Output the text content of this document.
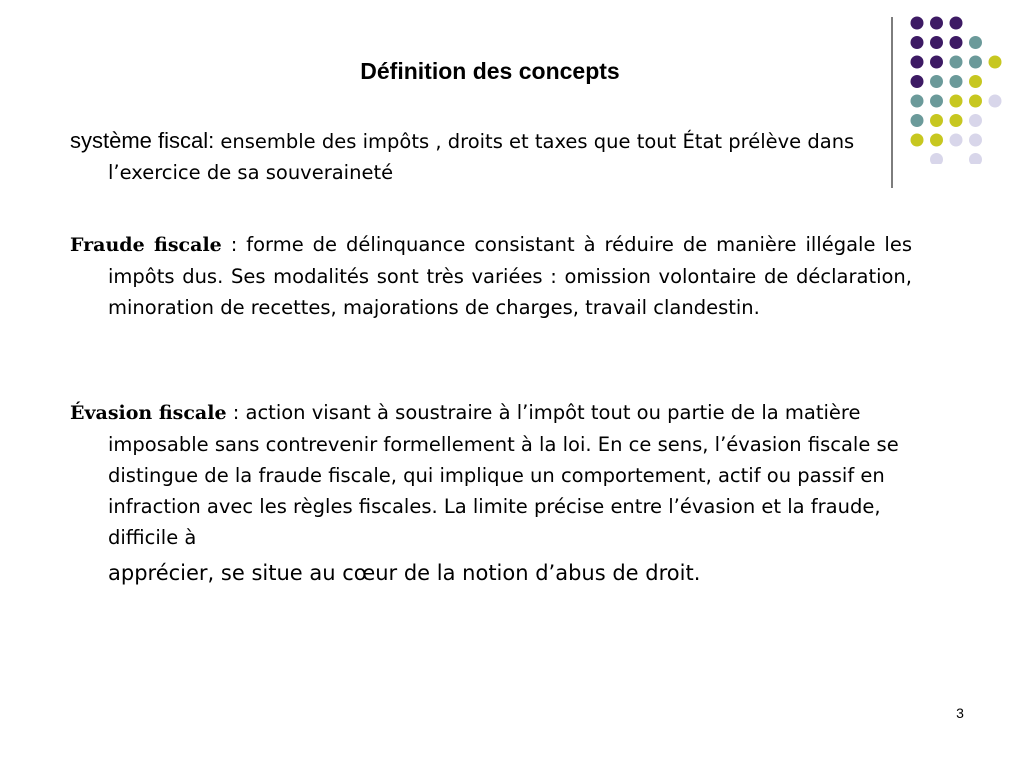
Définition des concepts
système fiscal: ensemble des impôts , droits et taxes que tout État prélève dans l’exercice de sa souveraineté
Fraude fiscale : forme de délinquance consistant à réduire de manière illégale les impôts dus. Ses modalités sont très variées : omission volontaire de déclaration, minoration de recettes, majorations de charges, travail clandestin.
Évasion fiscale : action visant à soustraire à l’impôt tout ou partie de la matière imposable sans contrevenir formellement à la loi. En ce sens, l’évasion fiscale se distingue de la fraude fiscale, qui implique un comportement, actif ou passif en infraction avec les règles fiscales. La limite précise entre l’évasion et la fraude, difficile à
apprécier, se situe au cœur de la notion d’abus de droit.
3
